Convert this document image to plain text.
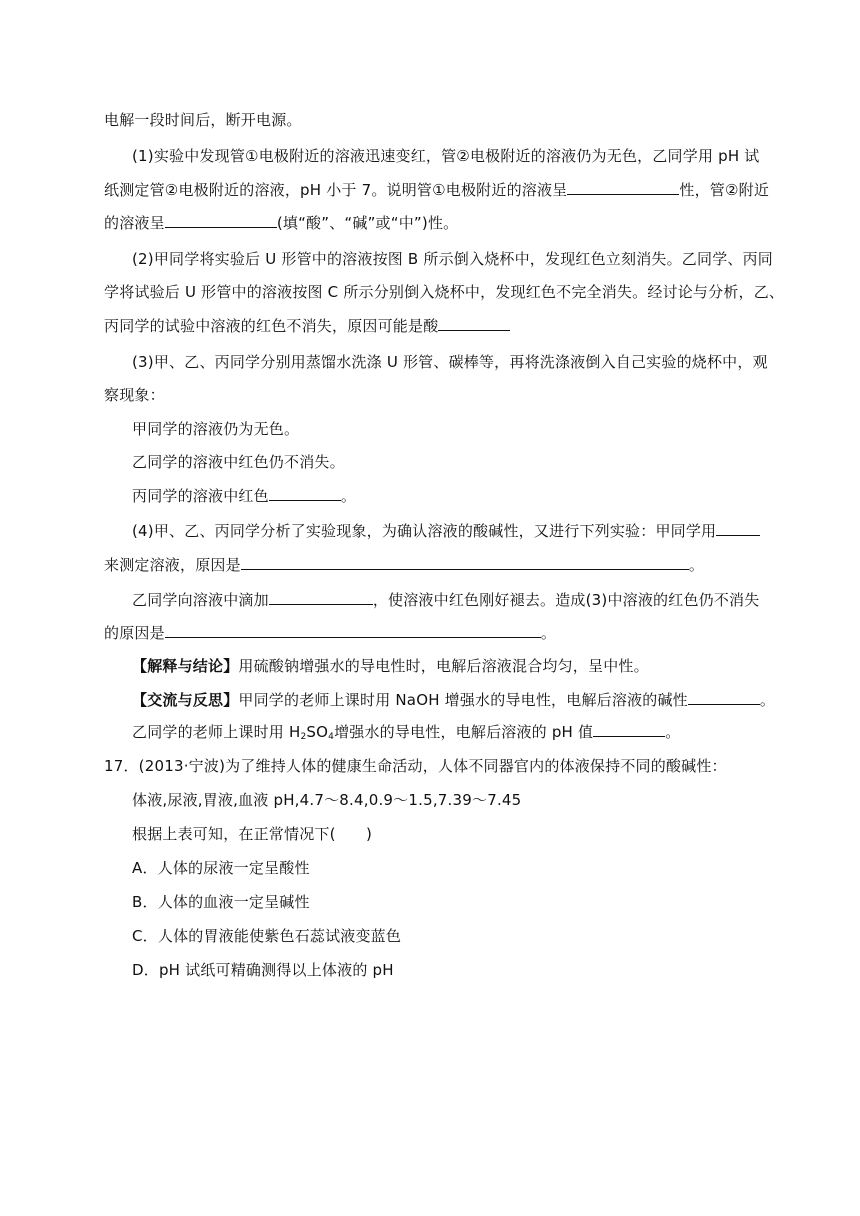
电解一段时间后，断开电源。
(1)实验中发现管①电极附近的溶液迅速变红，管②电极附近的溶液仍为无色，乙同学用 pH 试
纸测定管②电极附近的溶液，pH 小于 7。说明管①电极附近的溶液呈	性，管②附近
的溶液呈	(填“酸”、“碱”或“中”)性。
(2)甲同学将实验后 U 形管中的溶液按图 B 所示倒入烧杯中，发现红色立刻消失。乙同学、丙同
学将试验后 U 形管中的溶液按图 C 所示分别倒入烧杯中，发现红色不完全消失。经讨论与分析，乙、
丙同学的试验中溶液的红色不消失，原因可能是酸
(3)甲、乙、丙同学分别用蒸馏水洗涤 U 形管、碳棒等，再将洗涤液倒入自己实验的烧杯中，观
察现象：
甲同学的溶液仍为无色。
乙同学的溶液中红色仍不消失。
丙同学的溶液中红色	。
(4)甲、乙、丙同学分析了实验现象，为确认溶液的酸碱性，又进行下列实验：甲同学用
来测定溶液，原因是	。
乙同学向溶液中滴加	，使溶液中红色刚好褪去。造成(3)中溶液的红色仍不消失
的原因是	。
【解释与结论】用硫酸钠增强水的导电性时，电解后溶液混合均匀，呈中性。
【交流与反思】甲同学的老师上课时用 NaOH 增强水的导电性，电解后溶液的碱性	。
乙同学的老师上课时用 $H_2SO_4$增强水的导电性，电解后溶液的 pH 值	。
17．(2013·宁波)为了维持人体的健康生命活动，人体不同器官内的体液保持不同的酸碱性：
体液,尿液,胃液,血液 pH,4.7～8.4,0.9～1.5,7.39～7.45
根据上表可知，在正常情况下(　　)
A．人体的尿液一定呈酸性
B．人体的血液一定呈碱性
C．人体的胃液能使紫色石蕊试液变蓝色
D．pH 试纸可精确测得以上体液的 pH
